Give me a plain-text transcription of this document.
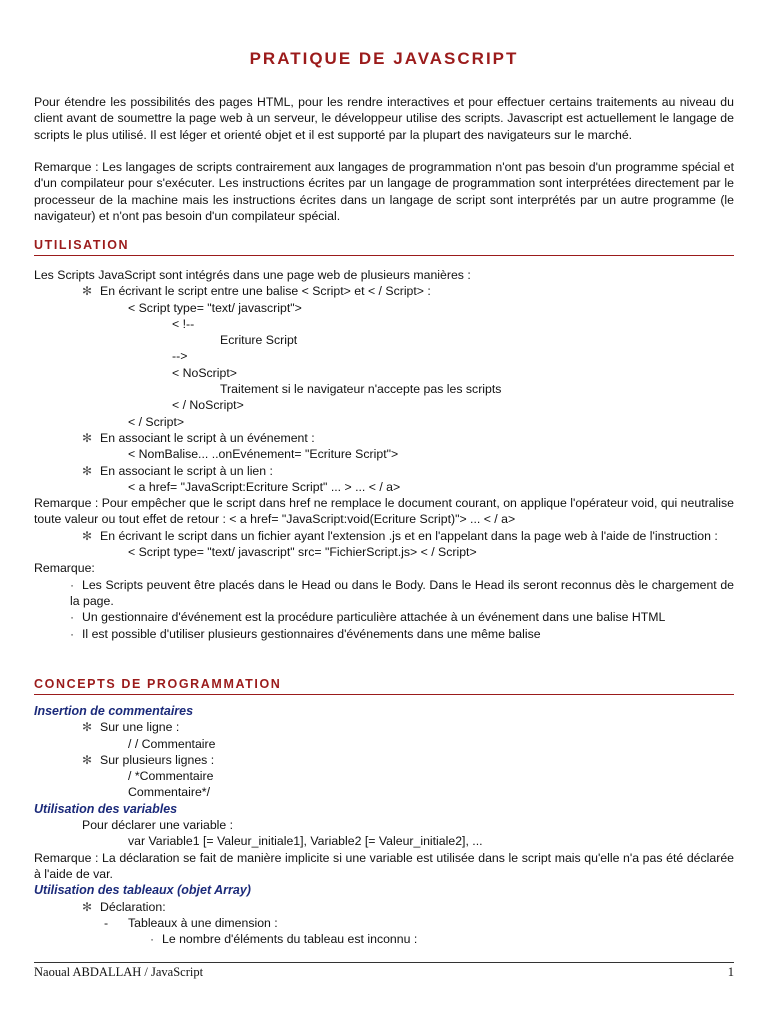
PRATIQUE DE JAVASCRIPT
Pour étendre les possibilités des pages HTML, pour les rendre interactives et pour effectuer certains traitements au niveau du client avant de soumettre la page web à un serveur, le développeur utilise des scripts. Javascript est actuellement le langage de scripts le plus utilisé. Il est léger et orienté objet et il est supporté par la plupart des navigateurs sur le marché.
Remarque : Les langages de scripts contrairement aux langages de programmation n'ont pas besoin d'un programme spécial et d'un compilateur pour s'exécuter. Les instructions écrites par un langage de programmation sont interprétées directement par le processeur de la machine mais les instructions écrites dans un langage de script sont interprétés par un autre programme (le navigateur) et n'ont pas besoin d'un compilateur spécial.
UTILISATION
Les Scripts JavaScript sont intégrés dans une page web de plusieurs manières :
✻ En écrivant le script entre une balise < Script> et < / Script> :
< Script type= "text/ javascript">
< !--
Ecriture Script
-->
< NoScript>
Traitement si le navigateur n'accepte pas les scripts
< / NoScript>
< / Script>
✻ En associant le script à un événement :
< NomBalise... ..onEvénement= "Ecriture Script">
✻ En associant le script à un lien :
< a href= "JavaScript:Ecriture Script" ... > ... < / a>
Remarque : Pour empêcher que le script dans href ne remplace le document courant, on applique l'opérateur void, qui neutralise toute valeur ou tout effet de retour : < a href= "JavaScript:void(Ecriture Script)"> ... < / a>
✻ En écrivant le script dans un fichier ayant l'extension .js et en l'appelant dans la page web à l'aide de l'instruction :
< Script type= "text/ javascript" src= "FichierScript.js> < / Script>
Remarque:
· Les Scripts peuvent être placés dans le Head ou dans le Body. Dans le Head ils seront reconnus dès le chargement de la page.
· Un gestionnaire d'événement est la procédure particulière attachée à un événement dans une balise HTML
· Il est possible d'utiliser plusieurs gestionnaires d'événements dans une même balise
CONCEPTS DE PROGRAMMATION
Insertion de commentaires
✻ Sur une ligne :
/ / Commentaire
✻ Sur plusieurs lignes :
/ *Commentaire
Commentaire*/
Utilisation des variables
Pour déclarer une variable :
var Variable1 [= Valeur_initiale1], Variable2 [= Valeur_initiale2], ...
Remarque : La déclaration se fait de manière implicite si une variable est utilisée dans le script mais qu'elle n'a pas été déclarée à l'aide de var.
Utilisation des tableaux (objet Array)
✻ Déclaration:
- Tableaux à une dimension :
· Le nombre d'éléments du tableau est inconnu :
Naoual ABDALLAH / JavaScript	1
